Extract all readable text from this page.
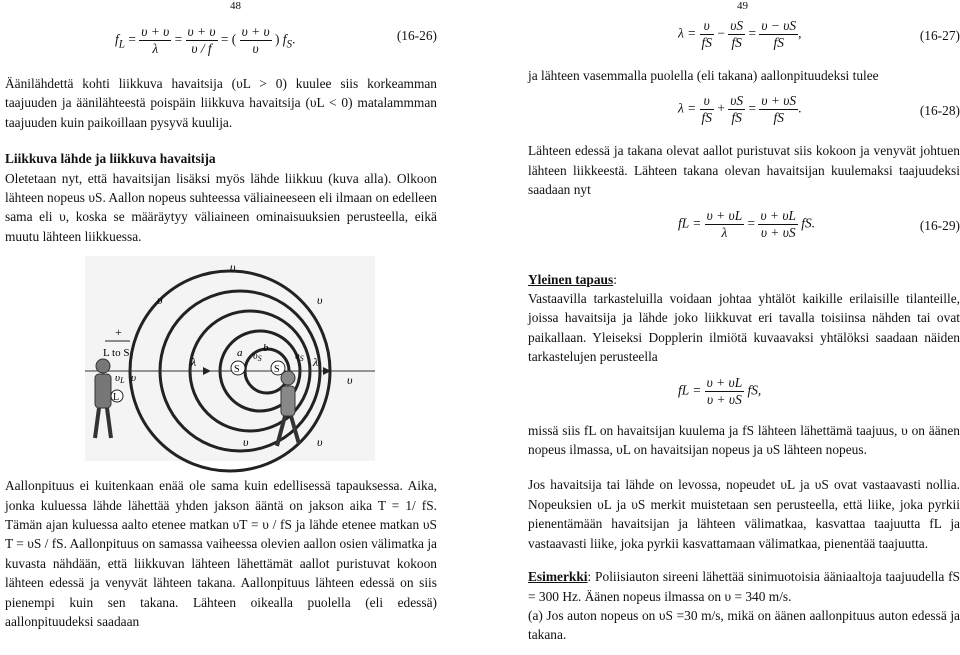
48
$f_L = \frac{\upsilon + \upsilon}{\lambda} = \frac{\upsilon + \upsilon}{\upsilon / f}$ = ( $\frac{\upsilon + \upsilon}{\upsilon}$ ) $f_S$.	(16-26)

Äänilähdettä kohti liikkuva havaitsija (υL > 0) kuulee siis korkeamman taajuuden ja äänilähteestä poispäin liikkuva havaitsija (υL < 0) matalammman taajuuden kuin paikoillaan pysyvä kuulija.

Liikkuva lähde ja liikkuva havaitsija

Oletetaan nyt, että havaitsijan lisäksi myös lähde liikkuu (kuva alla). Olkoon lähteen nopeus υS. Aallon nopeus suhteessa väliaineeseen eli ilmaan on edelleen sama eli υ, koska se määräytyy väliaineen ominaisuuksien perusteella, eikä muutu lähteen liikkuessa.

+
L to S
υ
υ	υ
υ	υ
υ
λ	λ
a b
$\upsilon_S$	$\upsilon_S$
S	S
υL υ
L

Aallonpituus ei kuitenkaan enää ole sama kuin edellisessä tapauksessa. Aika, jonka kuluessa lähde lähettää yhden jakson ääntä on jakson aika T = 1/ fS. Tämän ajan kuluessa aalto etenee matkan υT = υ / fS ja lähde etenee matkan υS T = υS / fS. Aallonpituus on samassa vaiheessa olevien aallon osien välimatka ja kuvasta nähdään, että liikkuvan lähteen lähettämät aallot puristuvat kokoon lähteen edessä ja venyvät lähteen takana. Aallonpituus lähteen edessä on siis pienempi kuin sen takana. Lähteen oikealla puolella (eli edessä) aallonpituudeksi saadaan

49
$\lambda = \frac{\upsilon}{fS} - \frac{\upsilon S}{fS} = \frac{\upsilon - \upsilon S}{fS}$ ,	(16-27)

ja lähteen vasemmalla puolella (eli takana) aallonpituudeksi tulee

$\lambda = \frac{\upsilon}{fS} + \frac{\upsilon S}{fS} = \frac{\upsilon + \upsilon S}{fS}$ .	(16-28)

Lähteen edessä ja takana olevat aallot puristuvat siis kokoon ja venyvät johtuen lähteen liikkeestä. Lähteen takana olevan havaitsijan kuulemaksi taajuudeksi saadaan nyt

fL = $\frac{\upsilon + \upsilon L}{\lambda} = \frac{\upsilon + \upsilon L}{\upsilon + \upsilon S}$ fS.	(16-29)

Yleinen tapaus:

Vastaavilla tarkasteluilla voidaan johtaa yhtälöt kaikille erilaisille tilanteille, joissa havaitsija ja lähde joko liikkuvat eri tavalla toisiinsa nähden tai ovat paikallaan. Yleiseksi Dopplerin ilmiötä kuvaavaksi yhtälöksi saadaan näiden tarkastelujen perusteella

fL = $\frac{\upsilon + \upsilon L}{\upsilon + \upsilon S}$ fS,

missä siis fL on havaitsijan kuulema ja fS lähteen lähettämä taajuus, υ on äänen nopeus ilmassa, υL on havaitsijan nopeus ja υS lähteen nopeus.

Jos havaitsija tai lähde on levossa, nopeudet υL ja υS ovat vastaavasti nollia. Nopeuksien υL ja υS merkit muistetaan sen perusteella, että liike, joka pyrkii pienentämään havaitsijan ja lähteen välimatkaa, kasvattaa taajuutta fL ja vastaavasti liike, joka pyrkii kasvattamaan välimatkaa, pienentää taajuutta.

Esimerkki: Poliisiauton sireeni lähettää sinimuotoisia ääniaaltoja taajuudella fS = 300 Hz. Äänen nopeus ilmassa on υ = 340 m/s.

(a) Jos auton nopeus on υS =30 m/s, mikä on äänen aallonpituus auton edessä ja takana.
